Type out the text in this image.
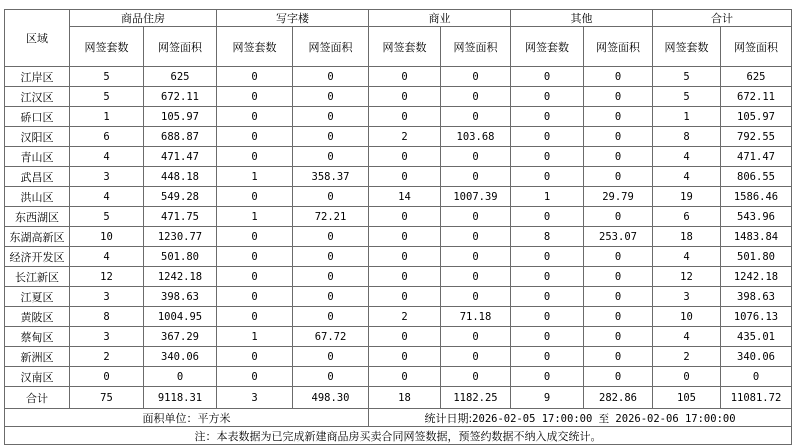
区域	商品住房		写字楼		商业		其他		合计	
	网签套数	网签面积	网签套数	网签面积	网签套数	网签面积	网签套数	网签面积	网签套数	网签面积
江岸区	5	625	0	0	0	0	0	0	5	625
江汉区	5	672.11	0	0	0	0	0	0	5	672.11
硚口区	1	105.97	0	0	0	0	0	0	1	105.97
汉阳区	6	688.87	0	0	2	103.68	0	0	8	792.55
青山区	4	471.47	0	0	0	0	0	0	4	471.47
武昌区	3	448.18	1	358.37	0	0	0	0	4	806.55
洪山区	4	549.28	0	0	14	1007.39	1	29.79	19	1586.46
东西湖区	5	471.75	1	72.21	0	0	0	0	6	543.96
东湖高新区	10	1230.77	0	0	0	0	8	253.07	18	1483.84
经济开发区	4	501.80	0	0	0	0	0	0	4	501.80
长江新区	12	1242.18	0	0	0	0	0	0	12	1242.18
江夏区	3	398.63	0	0	0	0	0	0	3	398.63
黄陂区	8	1004.95	0	0	2	71.18	0	0	10	1076.13
蔡甸区	3	367.29	1	67.72	0	0	0	0	4	435.01
新洲区	2	340.06	0	0	0	0	0	0	2	340.06
汉南区	0	0	0	0	0	0	0	0	0	0
合计	75	9118.31	3	498.30	18	1182.25	9	282.86	105	11081.72
面积单位：平方米					统计日期:2026-02-05 17:00:00 至 2026-02-06 17:00:00					
注：本表数据为已完成新建商品房买卖合同网签数据，预签约数据不纳入成交统计。										
